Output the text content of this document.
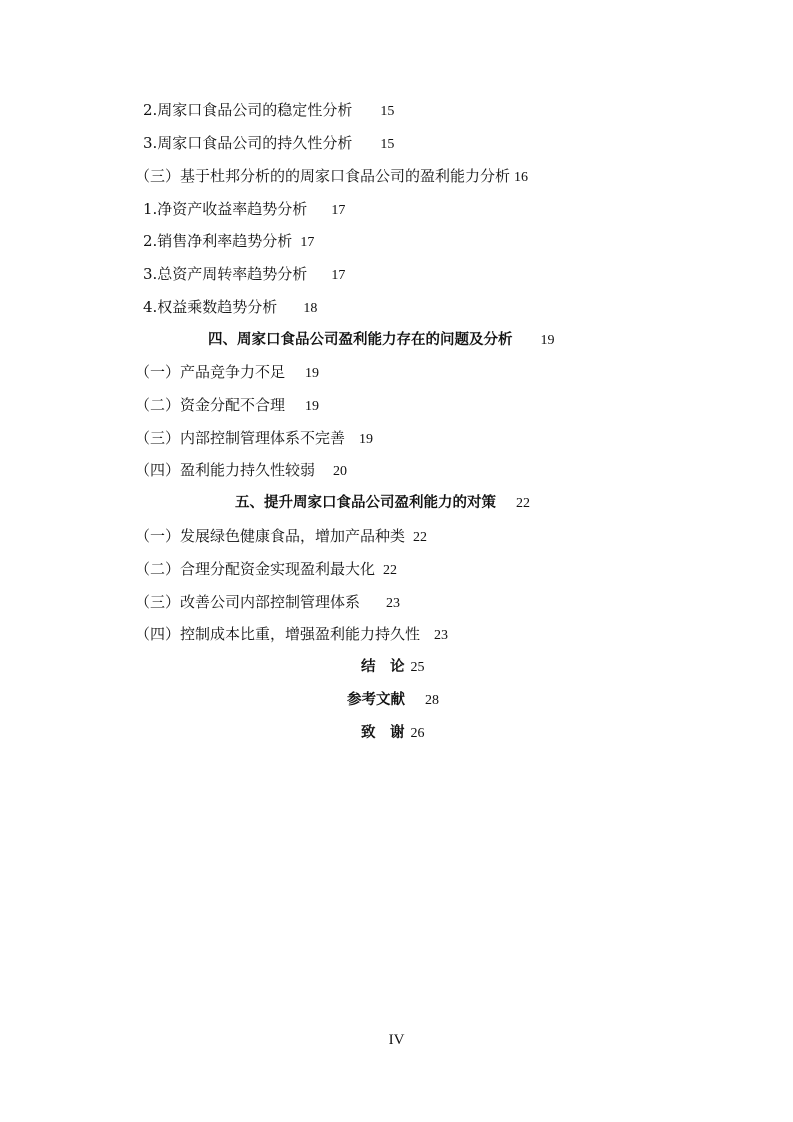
2.周家口食品公司的稳定性分析 15
3.周家口食品公司的持久性分析 15
（三）基于杜邦分析的的周家口食品公司的盈利能力分析 16
1.净资产收益率趋势分析 17
2.销售净利率趋势分析 17
3.总资产周转率趋势分析 17
4.权益乘数趋势分析 18
四、周家口食品公司盈利能力存在的问题及分析 19
（一）产品竞争力不足 19
（二）资金分配不合理 19
（三）内部控制管理体系不完善 19
（四）盈利能力持久性较弱 20
五、提升周家口食品公司盈利能力的对策 22
（一）发展绿色健康食品，增加产品种类 22
（二）合理分配资金实现盈利最大化 22
（三）改善公司内部控制管理体系 23
（四）控制成本比重，增强盈利能力持久性 23
结　论 25
参考文献 28
致　谢 26
IV
